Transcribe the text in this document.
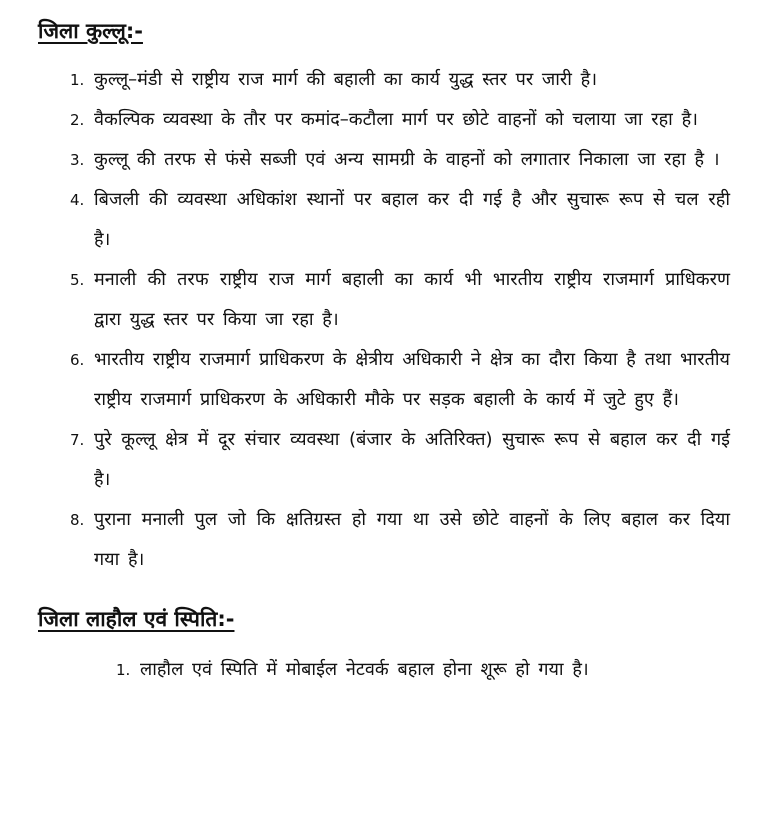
जिला कुल्लू:-
1. कुल्लू–मंडी से राष्ट्रीय राज मार्ग की बहाली का कार्य युद्ध स्तर पर जारी है।
2. वैकल्पिक व्यवस्था के तौर पर कमांद–कटौला मार्ग पर छोटे वाहनों को चलाया जा रहा है।
3. कुल्लू की तरफ से फंसे सब्जी एवं अन्य सामग्री के वाहनों को लगातार निकाला जा रहा है ।
4. बिजली की व्यवस्था अधिकांश स्थानों पर बहाल कर दी गई है और सुचारू रूप से चल रही है।
5. मनाली की तरफ राष्ट्रीय राज मार्ग बहाली का कार्य भी भारतीय राष्ट्रीय राजमार्ग प्राधिकरण द्वारा युद्ध स्तर पर किया जा रहा है।
6. भारतीय राष्ट्रीय राजमार्ग प्राधिकरण के क्षेत्रीय अधिकारी ने क्षेत्र का दौरा किया है तथा भारतीय राष्ट्रीय राजमार्ग प्राधिकरण के अधिकारी मौके पर सड़क बहाली के कार्य में जुटे हुए हैं।
7. पुरे कूल्लू क्षेत्र में दूर संचार व्यवस्था (बंजार के अतिरिक्त) सुचारू रूप से बहाल कर दी गई है।
8. पुराना मनाली पुल जो कि क्षतिग्रस्त हो गया था उसे छोटे वाहनों के लिए बहाल कर दिया गया है।
जिला लाहौल एवं स्पिति:-
1. लाहौल एवं स्पिति में मोबाईल नेटवर्क बहाल होना शूरू हो गया है।
